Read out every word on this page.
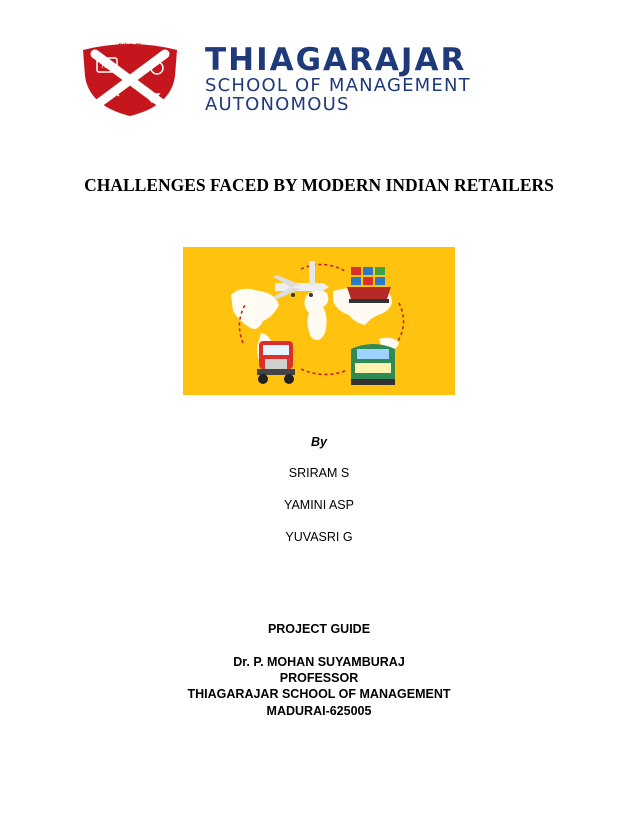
ಕಾಲೋಹಿ ತಸ್ಯ
TSM	THIAGARAJAR
SCHOOL OF MANAGEMENT
AUTONOMOUS
CHALLENGES FACED BY MODERN INDIAN RETAILERS
By
SRIRAM S
YAMINI ASP
YUVASRI G
PROJECT GUIDE
Dr. P. MOHAN SUYAMBURAJ
PROFESSOR
THIAGARAJAR SCHOOL OF MANAGEMENT
MADURAI-625005
